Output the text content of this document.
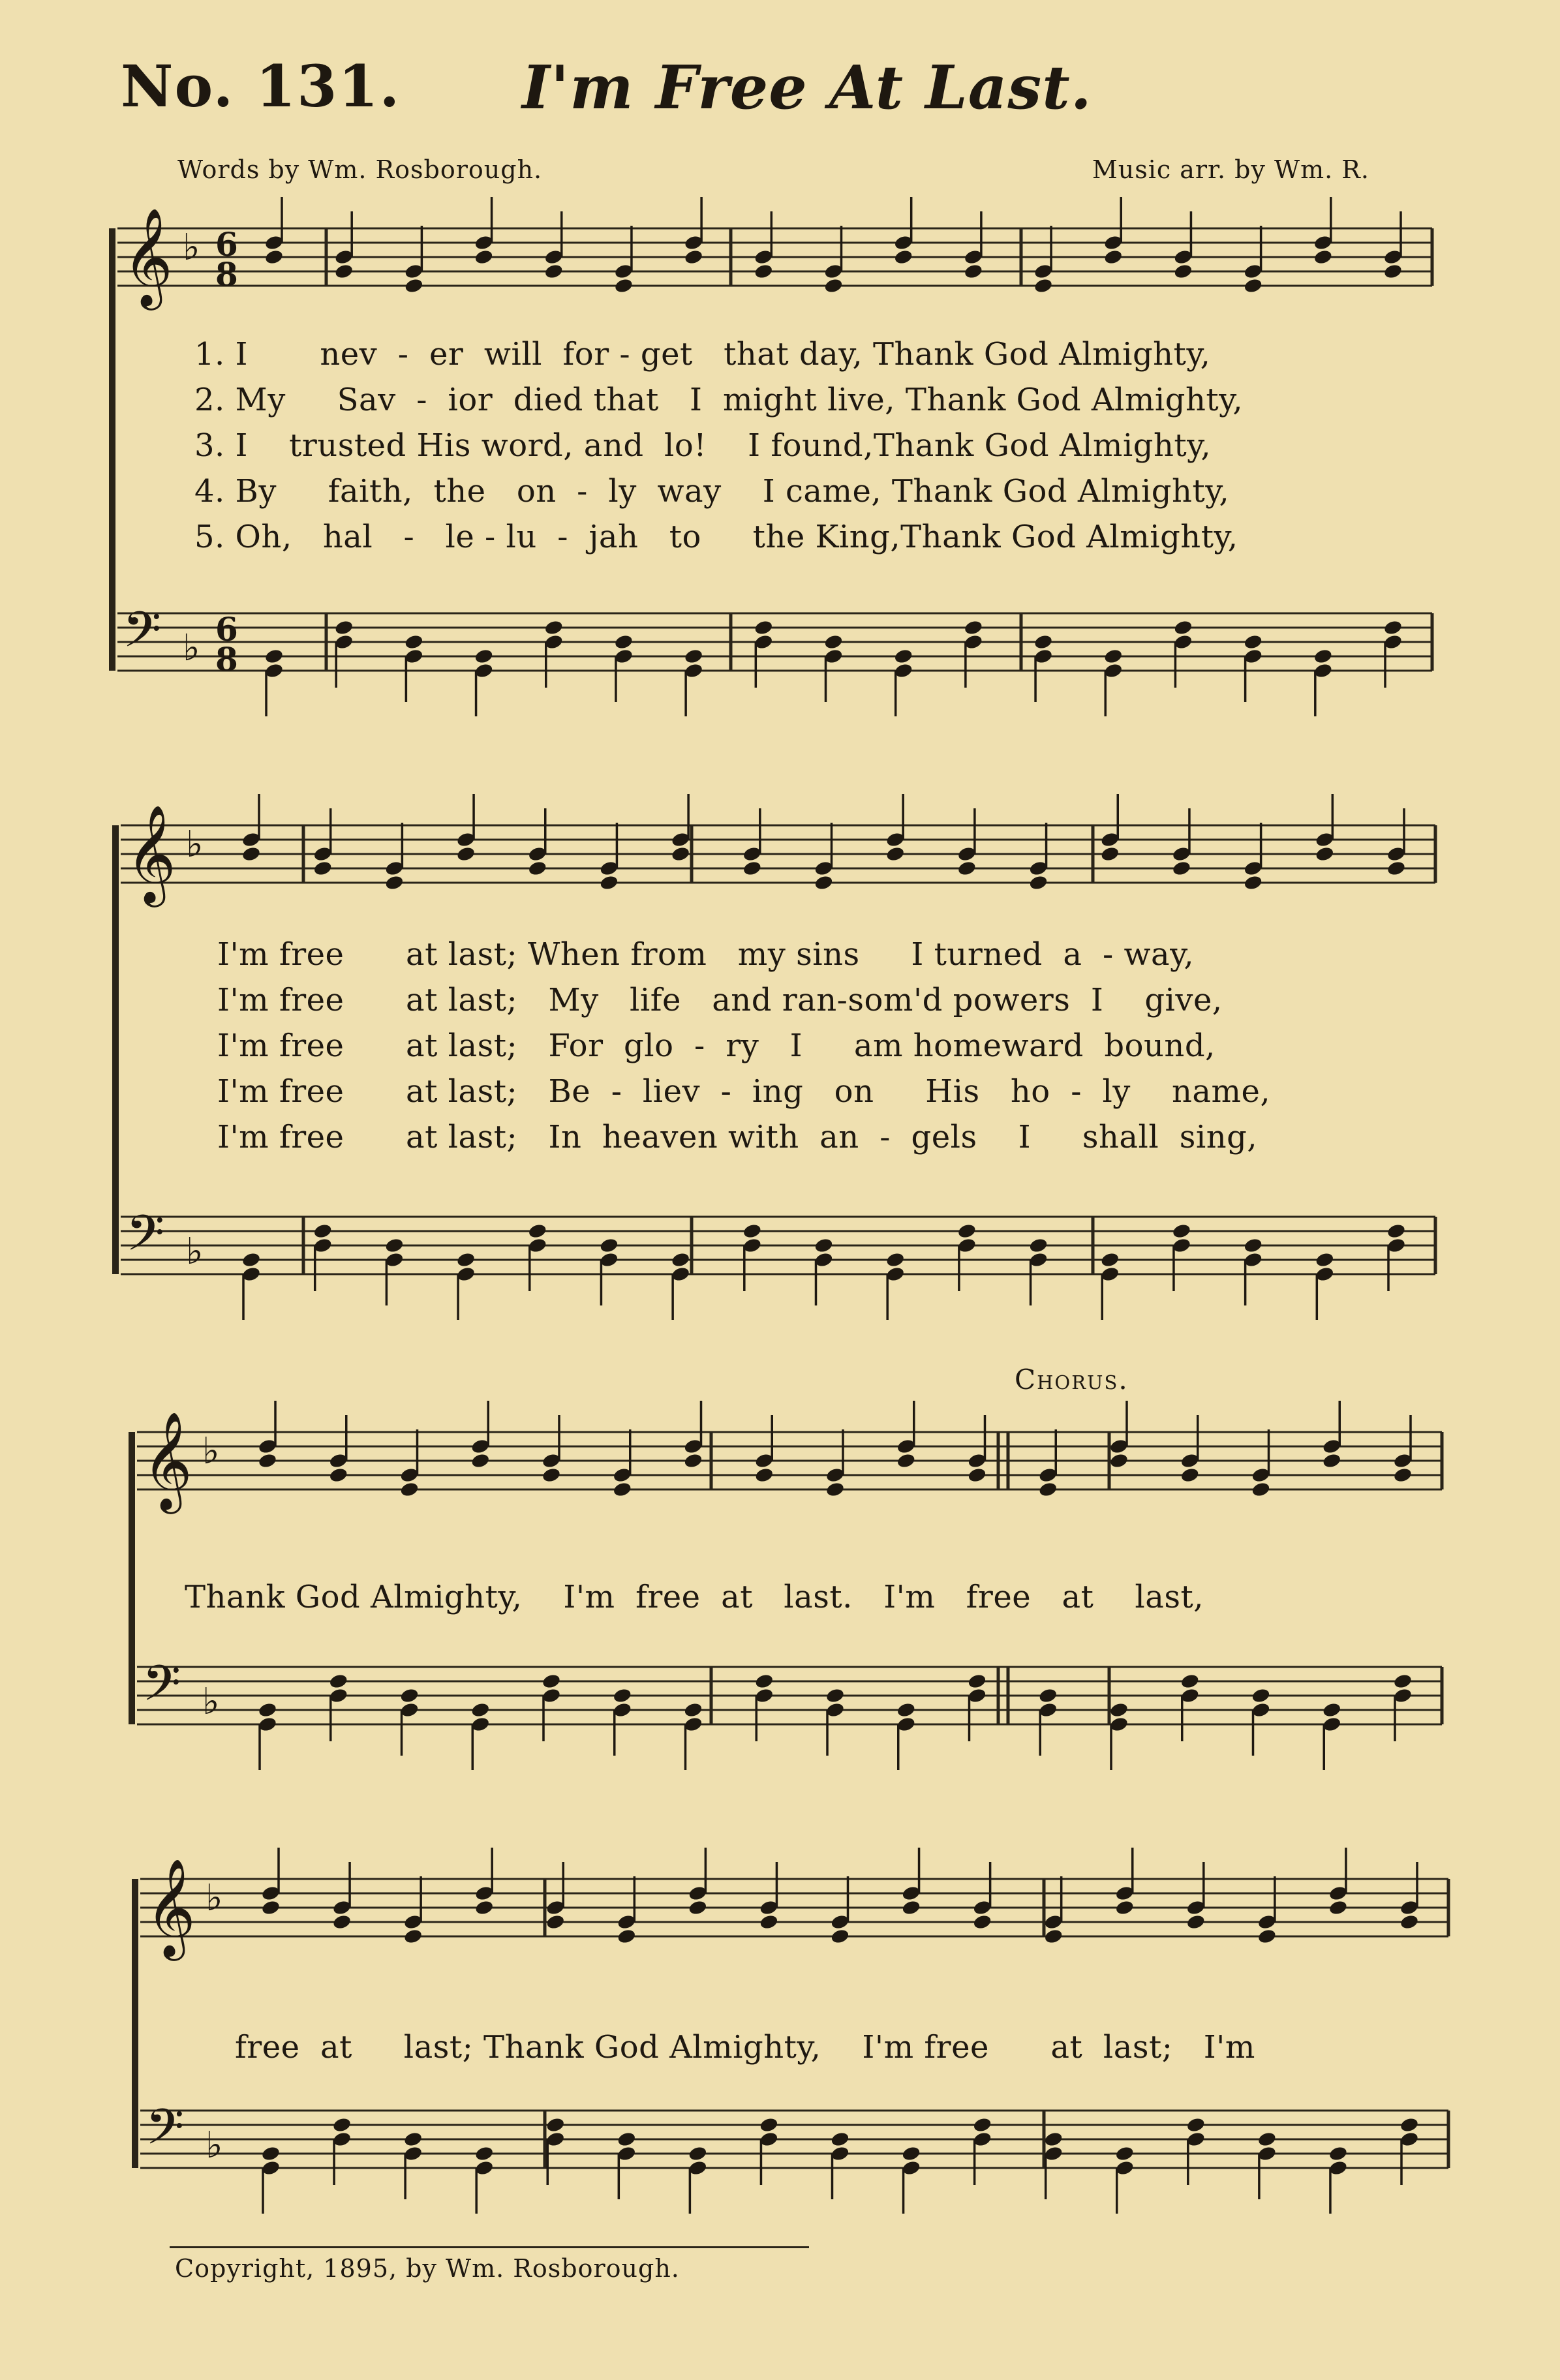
No. 131. I'm Free At Last.
Words by Wm. Rosborough.	Music arr. by Wm. R.
𝄞 ♭ 6
8
𝄢 ♭ 6
8
𝄞 ♭
𝄢 ♭
𝄞 ♭
𝄢 ♭
𝄞 ♭
𝄢 ♭
1. I       nev  -  er  will  for - get   that day, Thank God Almighty,
2. My     Sav  -  ior  died that   I  might live, Thank God Almighty,
3. I    trusted His word, and  lo!    I found,Thank God Almighty,
4. By     faith,  the   on  -  ly  way    I came, Thank God Almighty,
5. Oh,   hal   -   le - lu  -  jah   to     the King,Thank God Almighty,
I'm free      at last; When from   my sins     I turned  a  - way,
I'm free      at last;   My   life   and ran-som'd powers  I    give,
I'm free      at last;   For  glo  -  ry   I     am homeward  bound,
I'm free      at last;   Be  -  liev  -  ing   on     His   ho  -  ly    name,
I'm free      at last;   In  heaven with  an  -  gels    I     shall  sing,
Chorus.
Thank God Almighty,    I'm  free  at   last.   I'm   free   at    last,
free  at     last; Thank God Almighty,    I'm free      at  last;   I'm
Copyright, 1895, by Wm. Rosborough.
